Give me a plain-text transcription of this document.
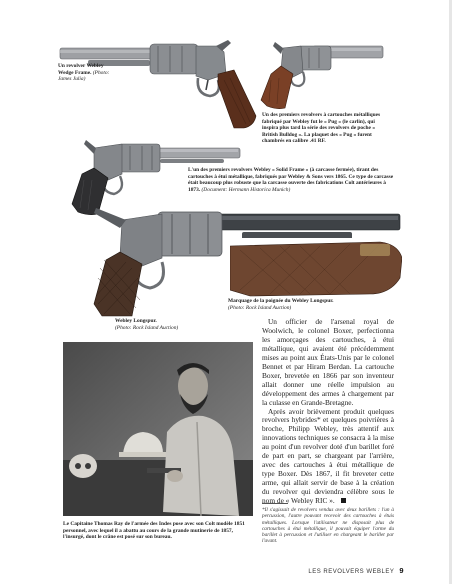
Un revolver Webley Wedge Frame. (Photo: James Julia)
Un des premiers revolvers à cartouches métalliques fabriqué par Webley fut le « Pug » (le carlin), qui inspira plus tard la série des revolvers de poche « British Bulldog ». La plaquet des « Pug » furent chambrés en calibre .41 RF.
L'un des premiers revolvers Webley « Solid Frame » (à carcasse fermée), tirant des cartouches à étui métallique, fabriqués par Webley & Sons vers 1865. Ce type de carcasse était beaucoup plus robuste que la carcasse ouverte des fabrications Colt antérieures à 1873. (Document: Hermann Historica Munich)
Marquage de la poignée du Webley Longspur.
(Photo: Rock Island Auction)
Webley Longspur.
(Photo: Rock Island Auction)
Le Capitaine Thomas Ray de l'armée des Indes pose avec son Colt modèle 1851 personnel, avec lequel il a abattu au cours de la grande mutinerie de 1857, l'insurgé, dont le crâne est posé sur son bureau.

Un officier de l'arsenal royal de Woolwich, le colonel Boxer, perfectionna les amorçages des cartouches, à étui métallique, qui avaient été précédemment mises au point aux États-Unis par le colonel Bennet et par Hiram Berdan. La cartouche Boxer, brevetée en 1866 par son inventeur allait donner une réelle impulsion au développement des armes à chargement par la culasse en Grande-Bretagne.

Après avoir brièvement produit quelques revolvers hybrides* et quelques poivrières à broche, Philipp Webley, très attentif aux innovations techniques se consacra à la mise au point d'un revolver doté d'un barillet foré de part en part, se chargeant par l'arrière, avec des cartouches à étui métallique de type Boxer. Dès 1867, il fit breveter cette arme, qui allait servir de base à la création du revolver qui deviendra célèbre sous le nom de « Webley RIC ».

*Il s'agissait de revolvers vendus avec deux barillets : l'un à percussion, l'autre pouvant recevoir des cartouches à étuis métalliques. Lorsque l'utilisateur ne disposait plus de cartouches à étui métallique, il pouvait équiper l'arme du barillet à percussion et l'utiliser en chargeant le barillet par l'avant.
LES REVOLVERS WEBLEY 9
